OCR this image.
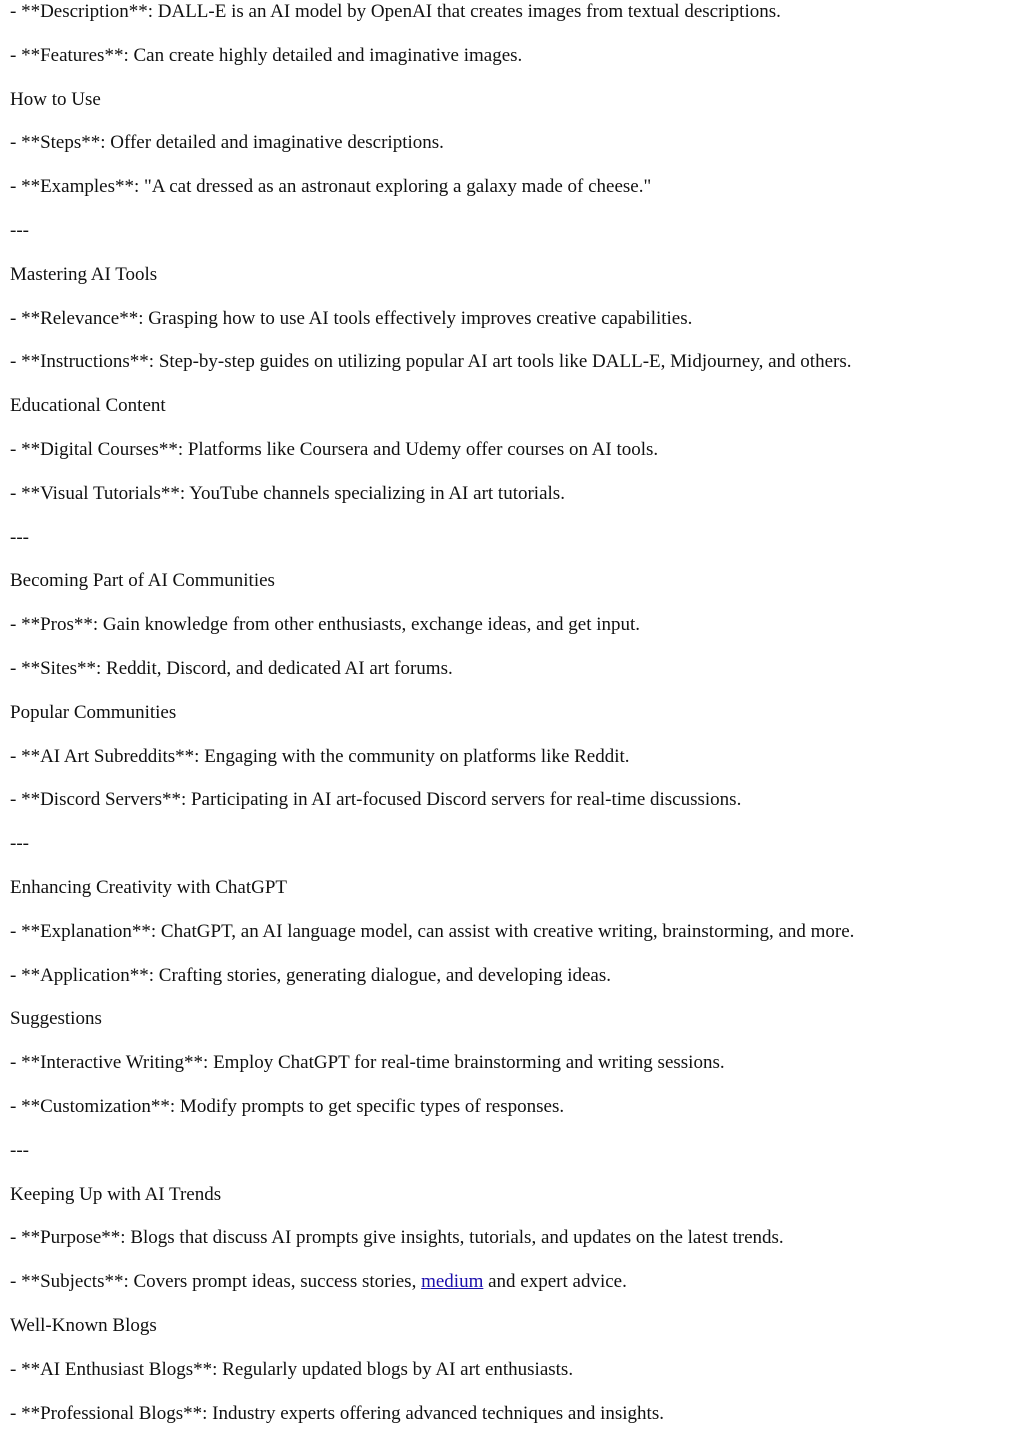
- **Description**: DALL-E is an AI model by OpenAI that creates images from textual descriptions.
- **Features**: Can create highly detailed and imaginative images.
How to Use
- **Steps**: Offer detailed and imaginative descriptions.
- **Examples**: "A cat dressed as an astronaut exploring a galaxy made of cheese."
---
Mastering AI Tools
- **Relevance**: Grasping how to use AI tools effectively improves creative capabilities.
- **Instructions**: Step-by-step guides on utilizing popular AI art tools like DALL-E, Midjourney, and others.
Educational Content
- **Digital Courses**: Platforms like Coursera and Udemy offer courses on AI tools.
- **Visual Tutorials**: YouTube channels specializing in AI art tutorials.
---
Becoming Part of AI Communities
- **Pros**: Gain knowledge from other enthusiasts, exchange ideas, and get input.
- **Sites**: Reddit, Discord, and dedicated AI art forums.
Popular Communities
- **AI Art Subreddits**: Engaging with the community on platforms like Reddit.
- **Discord Servers**: Participating in AI art-focused Discord servers for real-time discussions.
---
Enhancing Creativity with ChatGPT
- **Explanation**: ChatGPT, an AI language model, can assist with creative writing, brainstorming, and more.
- **Application**: Crafting stories, generating dialogue, and developing ideas.
Suggestions
- **Interactive Writing**: Employ ChatGPT for real-time brainstorming and writing sessions.
- **Customization**: Modify prompts to get specific types of responses.
---
Keeping Up with AI Trends
- **Purpose**: Blogs that discuss AI prompts give insights, tutorials, and updates on the latest trends.
- **Subjects**: Covers prompt ideas, success stories, medium and expert advice.
Well-Known Blogs
- **AI Enthusiast Blogs**: Regularly updated blogs by AI art enthusiasts.
- **Professional Blogs**: Industry experts offering advanced techniques and insights.
